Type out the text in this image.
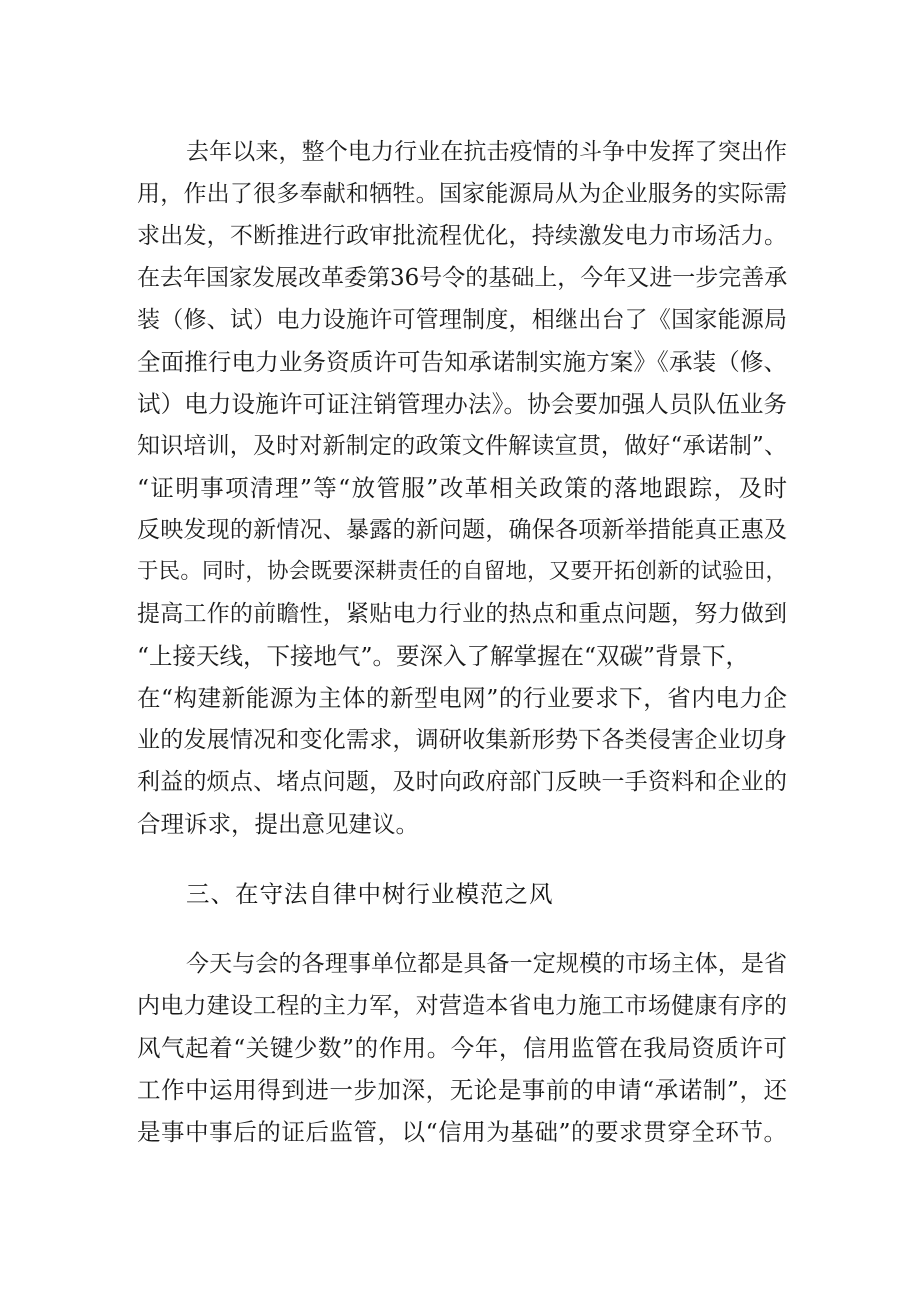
去年以来，整个电力行业在抗击疫情的斗争中发挥了突出作
用，作出了很多奉献和牺牲。国家能源局从为企业服务的实际需
求出发，不断推进行政审批流程优化，持续激发电力市场活力。
在去年国家发展改革委第36号令的基础上，今年又进一步完善承
装（修、试）电力设施许可管理制度，相继出台了《国家能源局
全面推行电力业务资质许可告知承诺制实施方案》《承装（修、
试）电力设施许可证注销管理办法》。协会要加强人员队伍业务
知识培训，及时对新制定的政策文件解读宣贯，做好“承诺制”、
“证明事项清理”等“放管服”改革相关政策的落地跟踪，及时
反映发现的新情况、暴露的新问题，确保各项新举措能真正惠及
于民。同时，协会既要深耕责任的自留地，又要开拓创新的试验田，
提高工作的前瞻性，紧贴电力行业的热点和重点问题，努力做到
“上接天线，下接地气”。要深入了解掌握在“双碳”背景下，
在“构建新能源为主体的新型电网”的行业要求下，省内电力企
业的发展情况和变化需求，调研收集新形势下各类侵害企业切身
利益的烦点、堵点问题，及时向政府部门反映一手资料和企业的
合理诉求，提出意见建议。
三、在守法自律中树行业模范之风
今天与会的各理事单位都是具备一定规模的市场主体，是省
内电力建设工程的主力军，对营造本省电力施工市场健康有序的
风气起着“关键少数”的作用。今年，信用监管在我局资质许可
工作中运用得到进一步加深，无论是事前的申请“承诺制”，还
是事中事后的证后监管，以“信用为基础”的要求贯穿全环节。
